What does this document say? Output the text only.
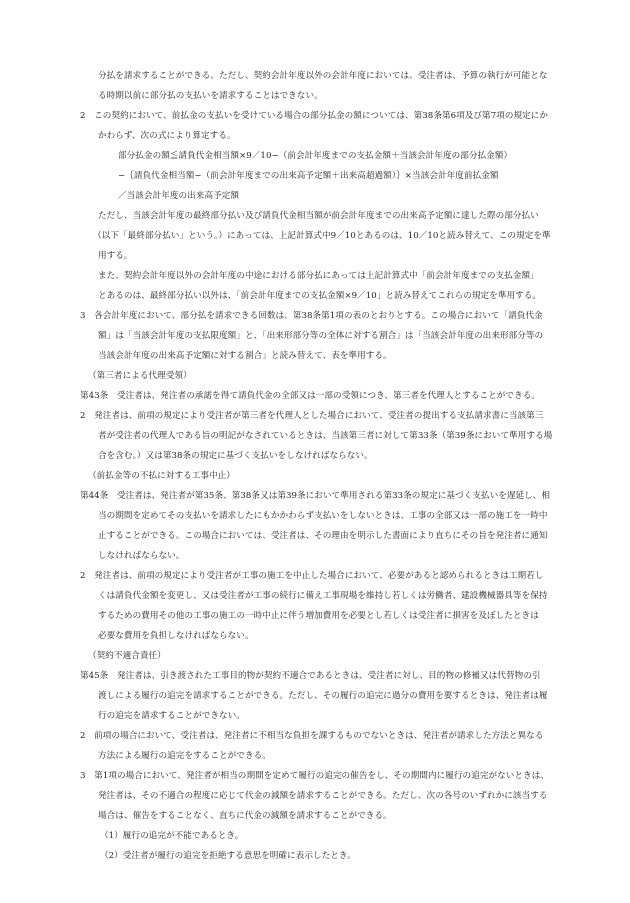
分払を請求することができる。ただし、契約会計年度以外の会計年度においては、受注者は、予算の執行が可能とな
る時期以前に部分払の支払いを請求することはできない。
2　この契約において、前払金の支払いを受けている場合の部分払金の額については、第38条第6項及び第7項の規定にか
かわらず、次の式により算定する。
部分払金の額≦請負代金相当額×9／10−（前会計年度までの支払金額＋当該会計年度の部分払金額）
−｛請負代金相当額−（前会計年度までの出来高予定額＋出来高超過額）｝×当該会計年度前払金額
／当該会計年度の出来高予定額
ただし、当該会計年度の最終部分払い及び請負代金相当額が前会計年度までの出来高予定額に達した際の部分払い
（以下「最終部分払い」という。）にあっては、上記計算式中9／10とあるのは、10／10と読み替えて、この規定を準
用する。
また、契約会計年度以外の会計年度の中途における部分払にあっては上記計算式中「前会計年度までの支払金額」
とあるのは、最終部分払い以外は、「前会計年度までの支払金額×9／10」と読み替えてこれらの規定を準用する。
3　各会計年度において、部分払を請求できる回数は、第38条第1項の表のとおりとする。この場合において「請負代金
額」は「当該会計年度の支払限度額」と、「出来形部分等の全体に対する割合」は「当該会計年度の出来形部分等の
当該会計年度の出来高予定額に対する割合」と読み替えて、表を準用する。
（第三者による代理受領）
第43条　受注者は、発注者の承諾を得て請負代金の全部又は一部の受領につき、第三者を代理人とすることができる。
2　発注者は、前項の規定により受注者が第三者を代理人とした場合において、受注者の提出する支払請求書に当該第三
者が受注者の代理人である旨の明記がなされているときは、当該第三者に対して第33条（第39条において準用する場
合を含む。）又は第38条の規定に基づく支払いをしなければならない。
（前払金等の不払に対する工事中止）
第44条　受注者は、発注者が第35条、第38条又は第39条において準用される第33条の規定に基づく支払いを遅延し、相
当の期間を定めてその支払いを請求したにもかかわらず支払いをしないときは、工事の全部又は一部の施工を一時中
止することができる。この場合においては、受注者は、その理由を明示した書面により直ちにその旨を発注者に通知
しなければならない。
2　発注者は、前項の規定により受注者が工事の施工を中止した場合において、必要があると認められるときは工期若し
くは請負代金額を変更し、又は受注者が工事の続行に備え工事現場を維持し若しくは労働者、建設機械器具等を保持
するための費用その他の工事の施工の一時中止に伴う増加費用を必要とし若しくは受注者に損害を及ぼしたときは
必要な費用を負担しなければならない。
（契約不適合責任）
第45条　発注者は、引き渡された工事目的物が契約不適合であるときは、受注者に対し、目的物の修補又は代替物の引
渡しによる履行の追完を請求することができる。ただし、その履行の追完に過分の費用を要するときは、発注者は履
行の追完を請求することができない。
2　前項の場合において、受注者は、発注者に不相当な負担を課するものでないときは、発注者が請求した方法と異なる
方法による履行の追完をすることができる。
3　第1項の場合において、発注者が相当の期間を定めて履行の追完の催告をし、その期間内に履行の追完がないときは、
発注者は、その不適合の程度に応じて代金の減額を請求することができる。ただし、次の各号のいずれかに該当する
場合は、催告をすることなく、直ちに代金の減額を請求することができる。
（1）履行の追完が不能であるとき。
（2）受注者が履行の追完を拒絶する意思を明確に表示したとき。
